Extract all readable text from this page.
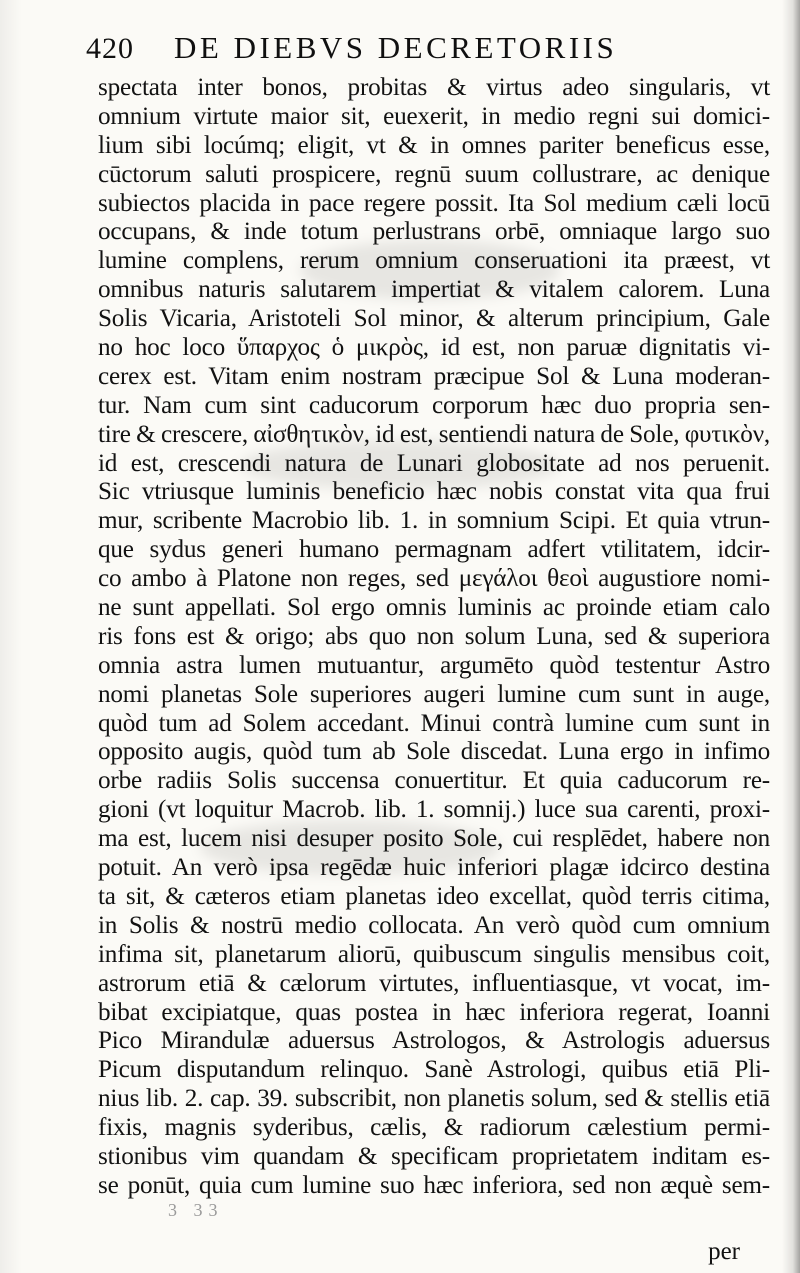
420 DE DIEBVS DECRETORIIS
spectata inter bonos, probitas & virtus adeo singularis, vt
omnium virtute maior sit, euexerit, in medio regni sui domici-
lium sibi locúmq; eligit, vt & in omnes pariter beneficus esse,
cūctorum saluti prospicere, regnū suum collustrare, ac denique
subiectos placida in pace regere possit. Ita Sol medium cæli locū
occupans, & inde totum perlustrans orbē, omniaque largo suo
lumine complens, rerum omnium conseruationi ita præest, vt
omnibus naturis salutarem impertiat & vitalem calorem. Luna
Solis Vicaria, Aristoteli Sol minor, & alterum principium, Gale
no hoc loco ὕπαρχος ὁ μικρὸς, id est, non paruæ dignitatis vi-
cerex est. Vitam enim nostram præcipue Sol & Luna moderan-
tur. Nam cum sint caducorum corporum hæc duo propria sen-
tire & crescere, αἰσθητικὸν, id est, sentiendi natura de Sole, φυτικὸν,
id est, crescendi natura de Lunari globositate ad nos peruenit.
Sic vtriusque luminis beneficio hæc nobis constat vita qua frui
mur, scribente Macrobio lib. 1. in somnium Scipi. Et quia vtrun-
que sydus generi humano permagnam adfert vtilitatem, idcir-
co ambo à Platone non reges, sed μεγάλοι θεοὶ augustiore nomi-
ne sunt appellati. Sol ergo omnis luminis ac proinde etiam calo
ris fons est & origo; abs quo non solum Luna, sed & superiora
omnia astra lumen mutuantur, argumēto quòd testentur Astro
nomi planetas Sole superiores augeri lumine cum sunt in auge,
quòd tum ad Solem accedant. Minui contrà lumine cum sunt in
opposito augis, quòd tum ab Sole discedat. Luna ergo in infimo
orbe radiis Solis succensa conuertitur. Et quia caducorum re-
gioni (vt loquitur Macrob. lib. 1. somnij.) luce sua carenti, proxi-
ma est, lucem nisi desuper posito Sole, cui resplēdet, habere non
potuit. An verò ipsa regēdæ huic inferiori plagæ idcirco destina
ta sit, & cæteros etiam planetas ideo excellat, quòd terris citima,
in Solis & nostrū medio collocata. An verò quòd cum omnium
infima sit, planetarum aliorū, quibuscum singulis mensibus coit,
astrorum etiā & cælorum virtutes, influentiasque, vt vocat, im-
bibat excipiatque, quas postea in hæc inferiora regerat, Ioanni
Pico Mirandulæ aduersus Astrologos, & Astrologis aduersus
Picum disputandum relinquo. Sanè Astrologi, quibus etiā Pli-
nius lib. 2. cap. 39. subscribit, non planetis solum, sed & stellis etiā
fixis, magnis syderibus, cælis, & radiorum cælestium permi-
stionibus vim quandam & specificam proprietatem inditam es-
se ponūt, quia cum lumine suo hæc inferiora, sed non æquè sem-
3 33
per
